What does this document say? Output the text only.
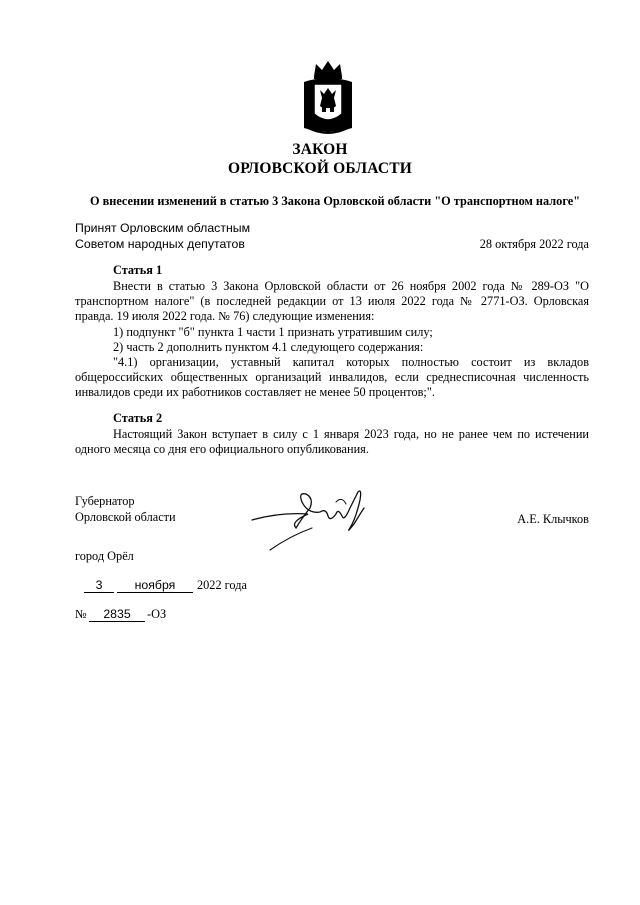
ЗАКОН
ОРЛОВСКОЙ ОБЛАСТИ
О внесении изменений в статью 3 Закона Орловской области "О транспортном налоге"
Принят Орловским областным
Советом народных депутатов	28 октября 2022 года
Статья 1
Внести в статью 3 Закона Орловской области от 26 ноября 2002 года № 289-ОЗ "О транспортном налоге" (в последней редакции от 13 июля 2022 года № 2771-ОЗ. Орловская правда. 19 июля 2022 года. № 76) следующие изменения:
1) подпункт "б" пункта 1 части 1 признать утратившим силу;
2) часть 2 дополнить пунктом 4.1 следующего содержания:
"4.1) организации, уставный капитал которых полностью состоит из вкладов общероссийских общественных организаций инвалидов, если среднесписочная численность инвалидов среди их работников составляет не менее 50 процентов;".
Статья 2
Настоящий Закон вступает в силу с 1 января 2023 года, но не ранее чем по истечении одного месяца со дня его официального опубликования.
Губернатор
Орловской области	А.Е. Клычков
город Орёл
3	ноября	2022 года
№	2835	-ОЗ
